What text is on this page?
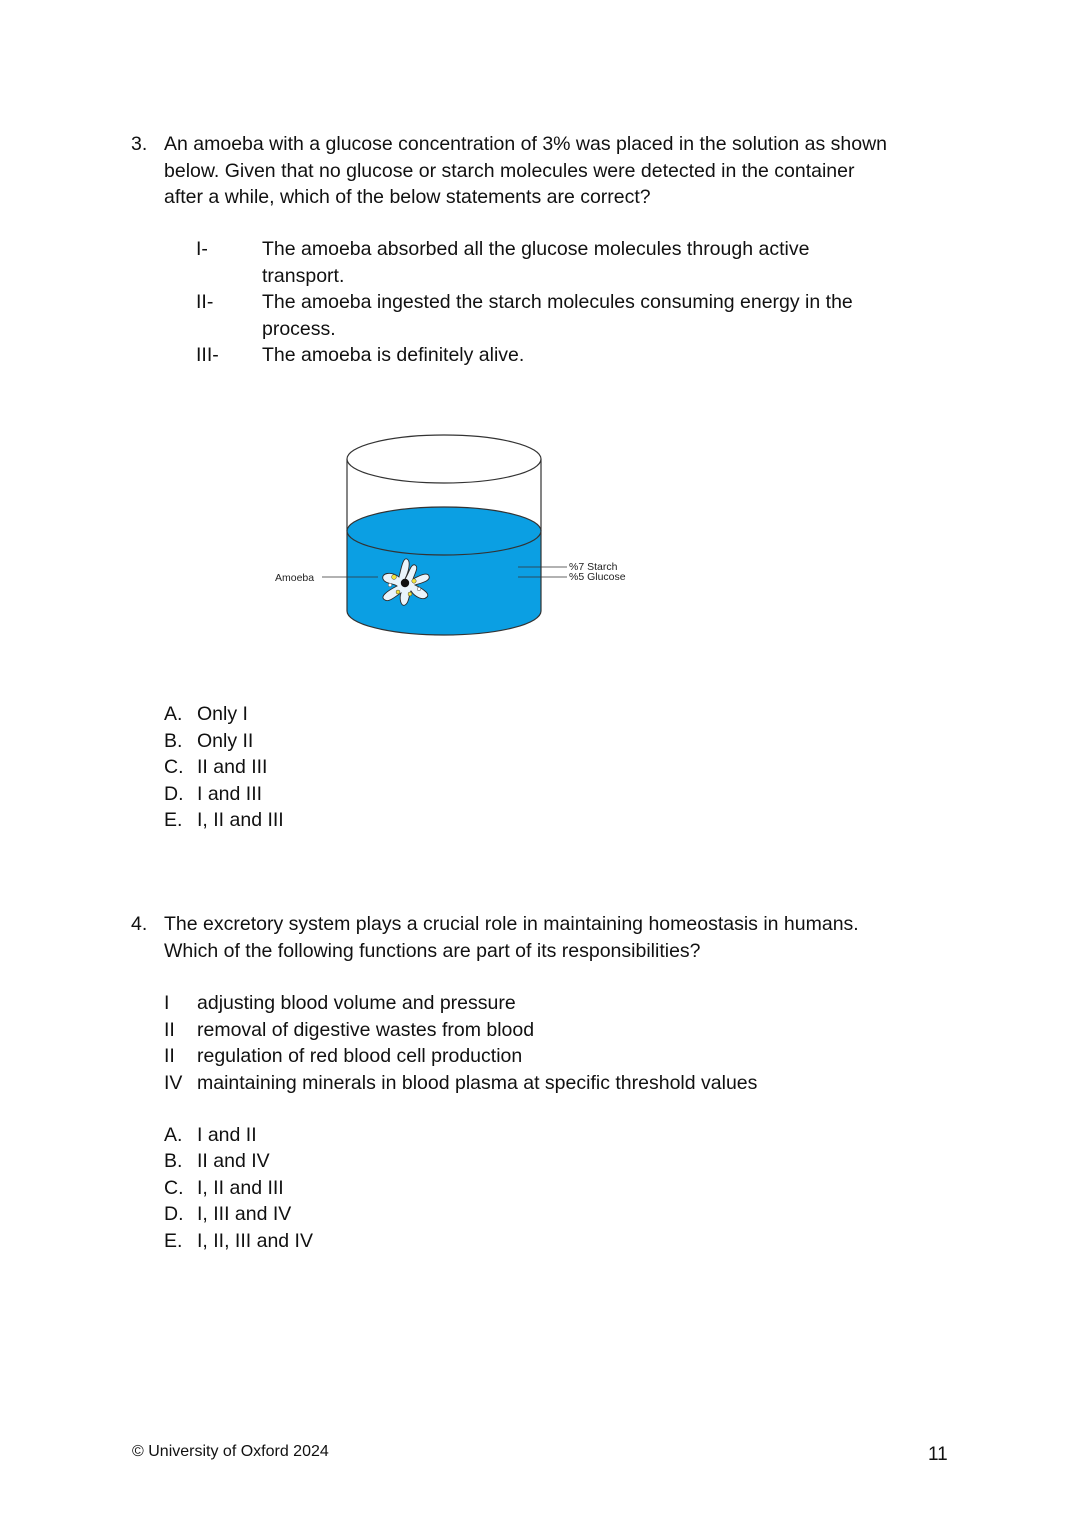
3. An amoeba with a glucose concentration of 3% was placed in the solution as shown
below. Given that no glucose or starch molecules were detected in the container
after a while, which of the below statements are correct?
I-	The amoeba absorbed all the glucose molecules through active
transport.
II- The amoeba ingested the starch molecules consuming energy in the
process.
III- The amoeba is definitely alive.
Amoeba
%7 Starch
%5 Glucose
A. Only I
B. Only II
C. II and III
D. I and III
E. I, II and III
4. The excretory system plays a crucial role in maintaining homeostasis in humans.
Which of the following functions are part of its responsibilities?
I adjusting blood volume and pressure
II removal of digestive wastes from blood
II regulation of red blood cell production
IV maintaining minerals in blood plasma at specific threshold values
A. I and II
B. II and IV
C. I, II and III
D. I, III and IV
E. I, II, III and IV
© University of Oxford 2024	11
